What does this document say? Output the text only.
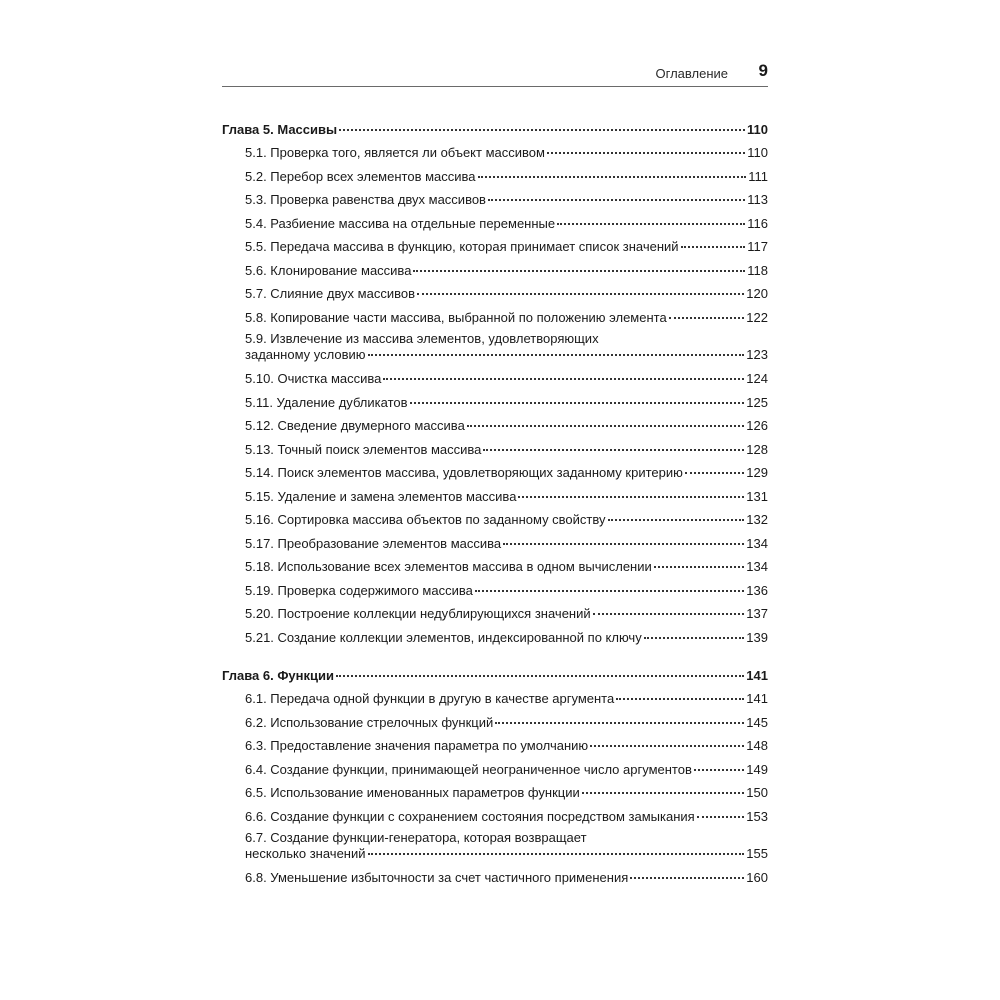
Оглавление 9
Глава 5. Массивы	110
5.1. Проверка того, является ли объект массивом	110
5.2. Перебор всех элементов массива	111
5.3. Проверка равенства двух массивов	113
5.4. Разбиение массива на отдельные переменные	116
5.5. Передача массива в функцию, которая принимает список значений	117
5.6. Клонирование массива	118
5.7. Слияние двух массивов	120
5.8. Копирование части массива, выбранной по положению элемента	122
5.9. Извлечение из массива элементов, удовлетворяющих
заданному условию	123
5.10. Очистка массива	124
5.11. Удаление дубликатов	125
5.12. Сведение двумерного массива	126
5.13. Точный поиск элементов массива	128
5.14. Поиск элементов массива, удовлетворяющих заданному критерию	129
5.15. Удаление и замена элементов массива	131
5.16. Сортировка массива объектов по заданному свойству	132
5.17. Преобразование элементов массива	134
5.18. Использование всех элементов массива в одном вычислении	134
5.19. Проверка содержимого массива	136
5.20. Построение коллекции недублирующихся значений	137
5.21. Создание коллекции элементов, индексированной по ключу	139
Глава 6. Функции	141
6.1. Передача одной функции в другую в качестве аргумента	141
6.2. Использование стрелочных функций	145
6.3. Предоставление значения параметра по умолчанию	148
6.4. Создание функции, принимающей неограниченное число аргументов	149
6.5. Использование именованных параметров функции	150
6.6. Создание функции с сохранением состояния посредством замыкания	153
6.7. Создание функции-генератора, которая возвращает
несколько значений	155
6.8. Уменьшение избыточности за счет частичного применения	160
